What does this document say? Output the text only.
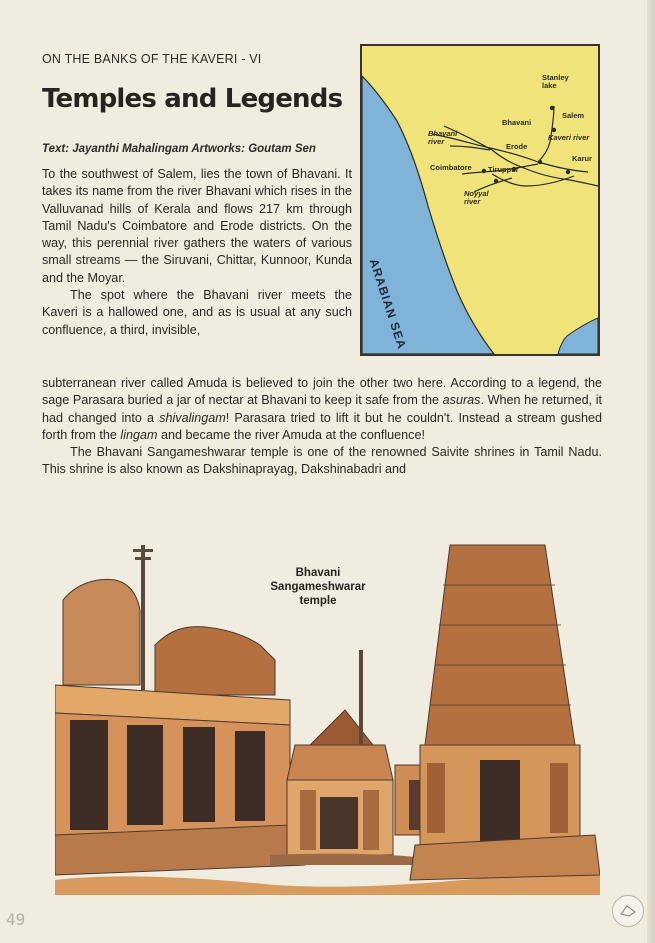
ON THE BANKS OF THE KAVERI - VI
Temples and Legends
Text: Jayanthi Mahalingam Artworks: Goutam Sen

To the southwest of Salem, lies the town of Bhavani. It takes its name from the river Bhavani which rises in the Valluvanad hills of Kerala and flows 217 km through Tamil Nadu's Coimbatore and Erode districts. On the way, this perennial river gathers the waters of various small streams — the Siruvani, Chittar, Kunnoor, Kunda and the Moyar.

The spot where the Bhavani river meets the Kaveri is a hallowed one, and as is usual at any such confluence, a third, invisible,

subterranean river called Amuda is believed to join the other two here. According to a legend, the sage Parasara buried a jar of nectar at Bhavani to keep it safe from the asuras. When he returned, it had changed into a shivalingam! Parasara tried to lift it but he couldn't. Instead a stream gushed forth from the lingam and became the river Amuda at the confluence!

The Bhavani Sangameshwarar temple is one of the renowned Saivite shrines in Tamil Nadu. This shrine is also known as Dakshinaprayag, Dakshinabadri and

Stanley lake
Salem
Bhavani
Bhavani river	Kaveri river
Erode
Karur
Coimbatore Tiruppur
Noyyal river
ARABIAN SEA
Bhavani
Sangameshwarar
temple
49
